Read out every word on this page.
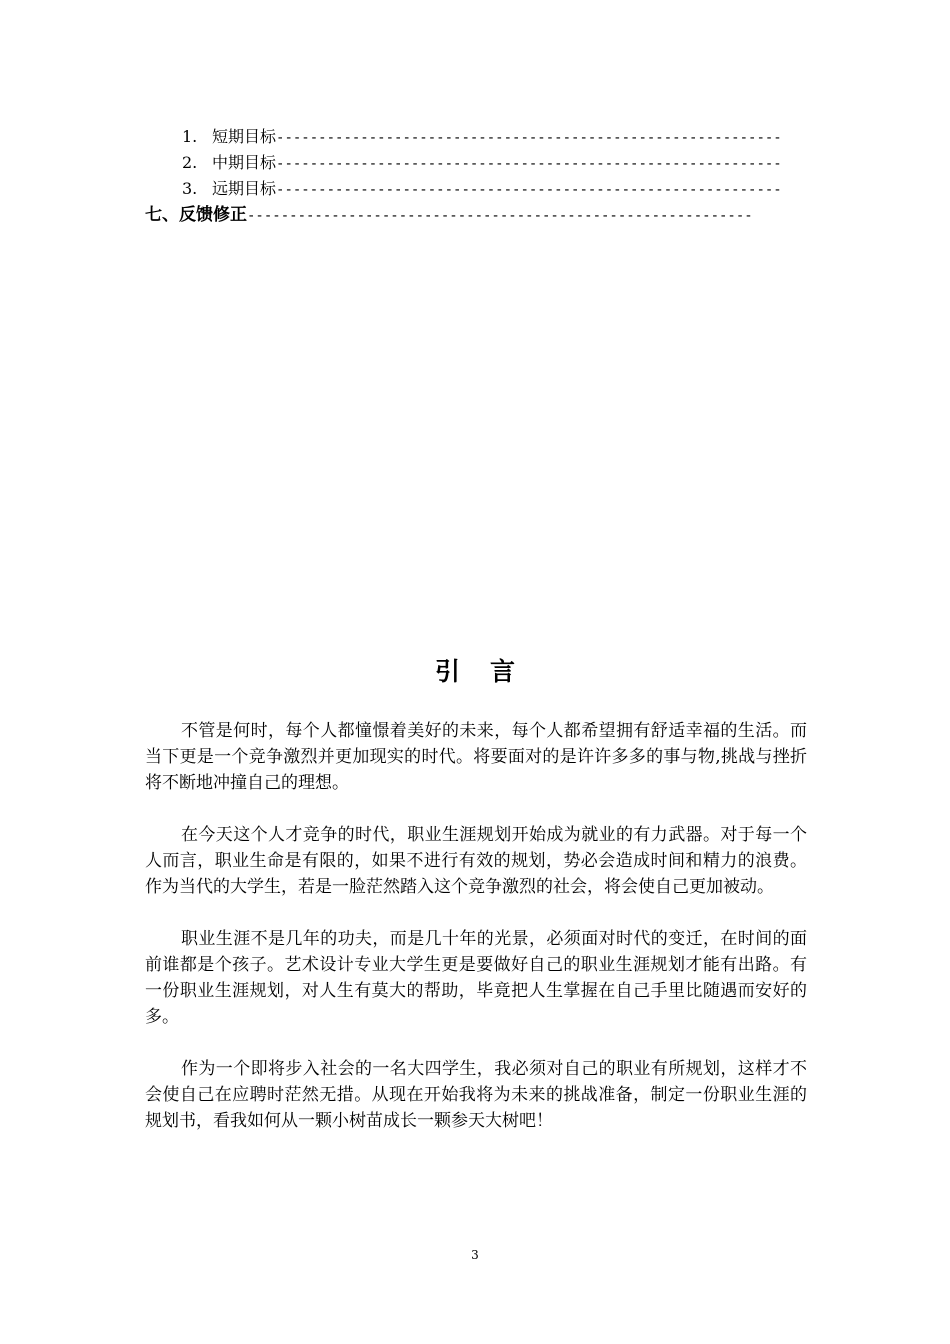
1. 短期目标------------------------------------------------------------
2. 中期目标------------------------------------------------------------
3. 远期目标------------------------------------------------------------
七、反馈修正------------------------------------------------------------
引言

不管是何时，每个人都憧憬着美好的未来，每个人都希望拥有舒适幸福的生活。而当下更是一个竞争激烈并更加现实的时代。将要面对的是许许多多的事与物,挑战与挫折将不断地冲撞自己的理想。

在今天这个人才竞争的时代，职业生涯规划开始成为就业的有力武器。对于每一个人而言，职业生命是有限的，如果不进行有效的规划，势必会造成时间和精力的浪费。作为当代的大学生，若是一脸茫然踏入这个竞争激烈的社会，将会使自己更加被动。

职业生涯不是几年的功夫，而是几十年的光景，必须面对时代的变迁，在时间的面前谁都是个孩子。艺术设计专业大学生更是要做好自己的职业生涯规划才能有出路。有一份职业生涯规划，对人生有莫大的帮助，毕竟把人生掌握在自己手里比随遇而安好的多。

作为一个即将步入社会的一名大四学生，我必须对自己的职业有所规划，这样才不会使自己在应聘时茫然无措。从现在开始我将为未来的挑战准备，制定一份职业生涯的规划书，看我如何从一颗小树苗成长一颗参天大树吧！

3
